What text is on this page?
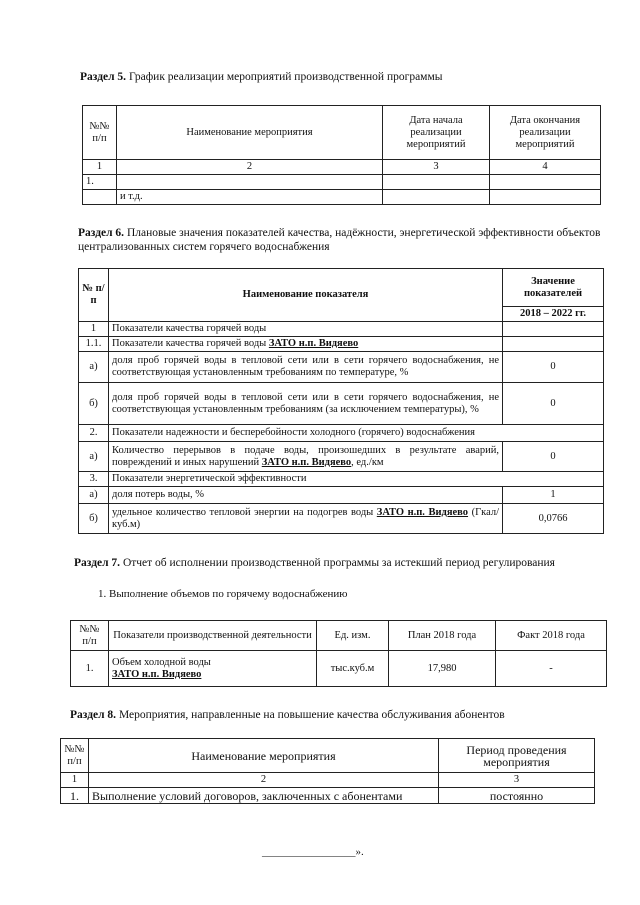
Раздел 5. График реализации мероприятий производственной программы
№№ п/п	Наименование мероприятия	Дата начала реализации мероприятий	Дата окончания реализации мероприятий
1	2	3	4
1.			
	и т.д.		
Раздел 6. Плановые значения показателей качества, надёжности, энергетической эффективности объектов централизованных систем горячего водоснабжения
№ п/п	Наименование показателя	Значение показателей
		2018 – 2022 гг.
1	Показатели качества горячей воды	
1.1.	Показатели качества горячей воды ЗАТО н.п. Видяево	
а)	доля проб горячей воды в тепловой сети или в сети горячего водоснабжения, не соответствующая установленным требованиям по температуре, %	0
б)	доля проб горячей воды в тепловой сети или в сети горячего водоснабжения, не соответствующая установленным требованиям (за исключением температуры), %	0
2.	Показатели надежности и бесперебойности холодного (горячего) водоснабжения	
а)	Количество перерывов в подаче воды, произошедших в результате аварий, повреждений и иных нарушений ЗАТО н.п. Видяево, ед./км	0
3.	Показатели энергетической эффективности	
а)	доля потерь воды, %	1
б)	удельное количество тепловой энергии на подогрев воды ЗАТО н.п. Видяево (Гкал/куб.м)	0,0766
Раздел 7. Отчет об исполнении производственной программы за истекший период регулирования
1. Выполнение объемов по горячему водоснабжению
№№ п/п	Показатели производственной деятельности	Ед. изм.	План 2018 года	Факт 2018 года
1.	Объем холодной воды
ЗАТО н.п. Видяево	тыс.куб.м	17,980	-
Раздел 8. Мероприятия, направленные на повышение качества обслуживания абонентов
№№ п/п	Наименование мероприятия	Период проведения мероприятия
1	2	3
1.	Выполнение условий договоров, заключенных с абонентами	постоянно
_________________».
